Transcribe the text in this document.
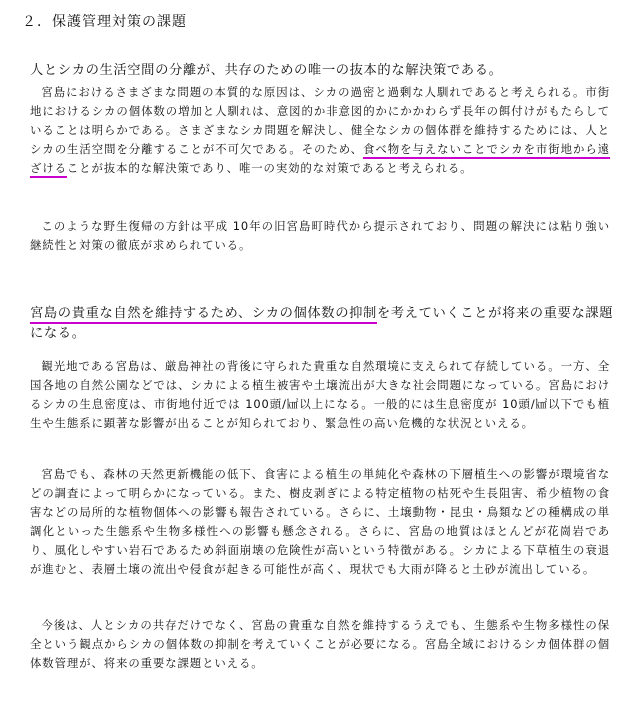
２．保護管理対策の課題
人とシカの生活空間の分離が、共存のための唯一の抜本的な解決策である。

宮島におけるさまざまな問題の本質的な原因は、シカの過密と過剰な人馴れであると考えられる。市街地におけるシカの個体数の増加と人馴れは、意図的か非意図的かにかかわらず長年の餌付けがもたらしていることは明らかである。さまざまなシカ問題を解決し、健全なシカの個体群を維持するためには、人とシカの生活空間を分離することが不可欠である。そのため、食べ物を与えないことでシカを市街地から遠ざけることが抜本的な解決策であり、唯一の実効的な対策であると考えられる。

このような野生復帰の方針は平成 10年の旧宮島町時代から提示されており、問題の解決には粘り強い継続性と対策の徹底が求められている。

宮島の貴重な自然を維持するため、シカの個体数の抑制を考えていくことが将来の重要な課題になる。

観光地である宮島は、厳島神社の背後に守られた貴重な自然環境に支えられて存続している。一方、全国各地の自然公園などでは、シカによる植生被害や土壌流出が大きな社会問題になっている。宮島におけるシカの生息密度は、市街地付近では 100頭/㎢以上になる。一般的には生息密度が 10頭/㎢以下でも植生や生態系に顕著な影響が出ることが知られており、緊急性の高い危機的な状況といえる。

宮島でも、森林の天然更新機能の低下、食害による植生の単純化や森林の下層植生への影響が環境省などの調査によって明らかになっている。また、樹皮剥ぎによる特定植物の枯死や生長阻害、希少植物の食害などの局所的な植物個体への影響も報告されている。さらに、土壌動物・昆虫・鳥類などの種構成の単調化といった生態系や生物多様性への影響も懸念される。さらに、宮島の地質はほとんどが花崗岩であり、風化しやすい岩石であるため斜面崩壊の危険性が高いという特徴がある。シカによる下草植生の衰退が進むと、表層土壌の流出や侵食が起きる可能性が高く、現状でも大雨が降ると土砂が流出している。

今後は、人とシカの共存だけでなく、宮島の貴重な自然を維持するうえでも、生態系や生物多様性の保全という観点からシカの個体数の抑制を考えていくことが必要になる。宮島全域におけるシカ個体群の個体数管理が、将来の重要な課題といえる。
